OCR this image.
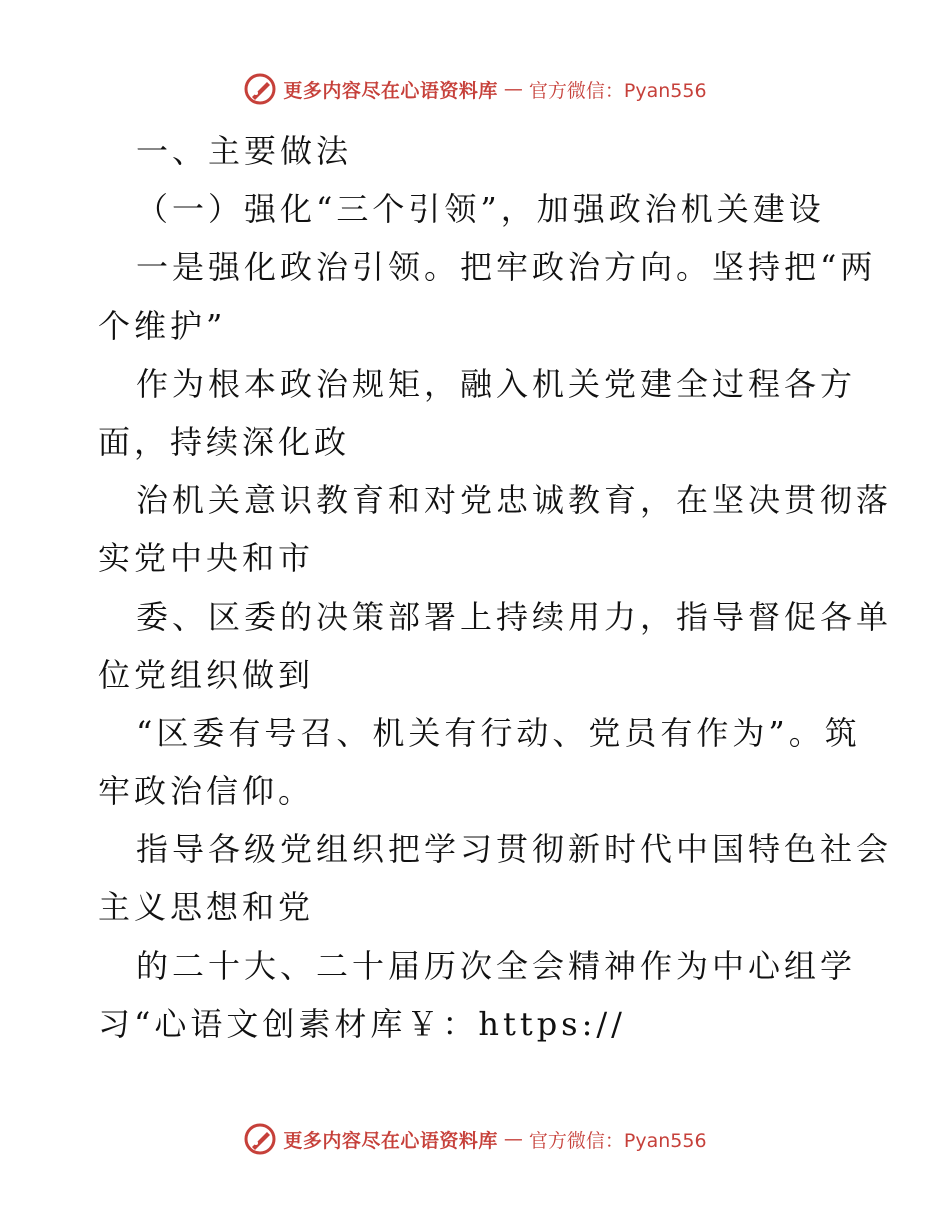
更多内容尽在心语资料库 — 官方微信：Pyan556
一、主要做法
（一）强化“三个引领”，加强政治机关建设
一是强化政治引领。把牢政治方向。坚持把“两
个维护”
作为根本政治规矩，融入机关党建全过程各方
面，持续深化政
治机关意识教育和对党忠诚教育，在坚决贯彻落
实党中央和市
委、区委的决策部署上持续用力，指导督促各单
位党组织做到
“区委有号召、机关有行动、党员有作为”。筑
牢政治信仰。
指导各级党组织把学习贯彻新时代中国特色社会
主义思想和党
的二十大、二十届历次全会精神作为中心组学
习“心语文创素材库￥：https://
更多内容尽在心语资料库 — 官方微信：Pyan556
